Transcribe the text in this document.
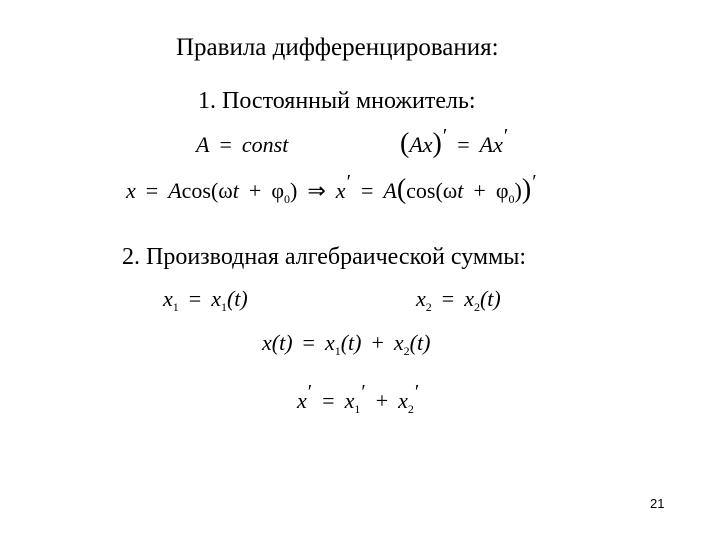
Правила дифференцирования:
1. Постоянный множитель:
A = const	(Ax)′ = Ax′
$x = Acos(\omega t + \varphi_0)$ ⇒ $x' = A(\cos(\omega t + \varphi_0))'$
2. Производная алгебраической суммы:
$x_1 = x_1(t)$	$x_2 = x_2(t)$
$x(t) = x_1(t) + x_2(t)$
$x' = x_1' + x_2'$
21
